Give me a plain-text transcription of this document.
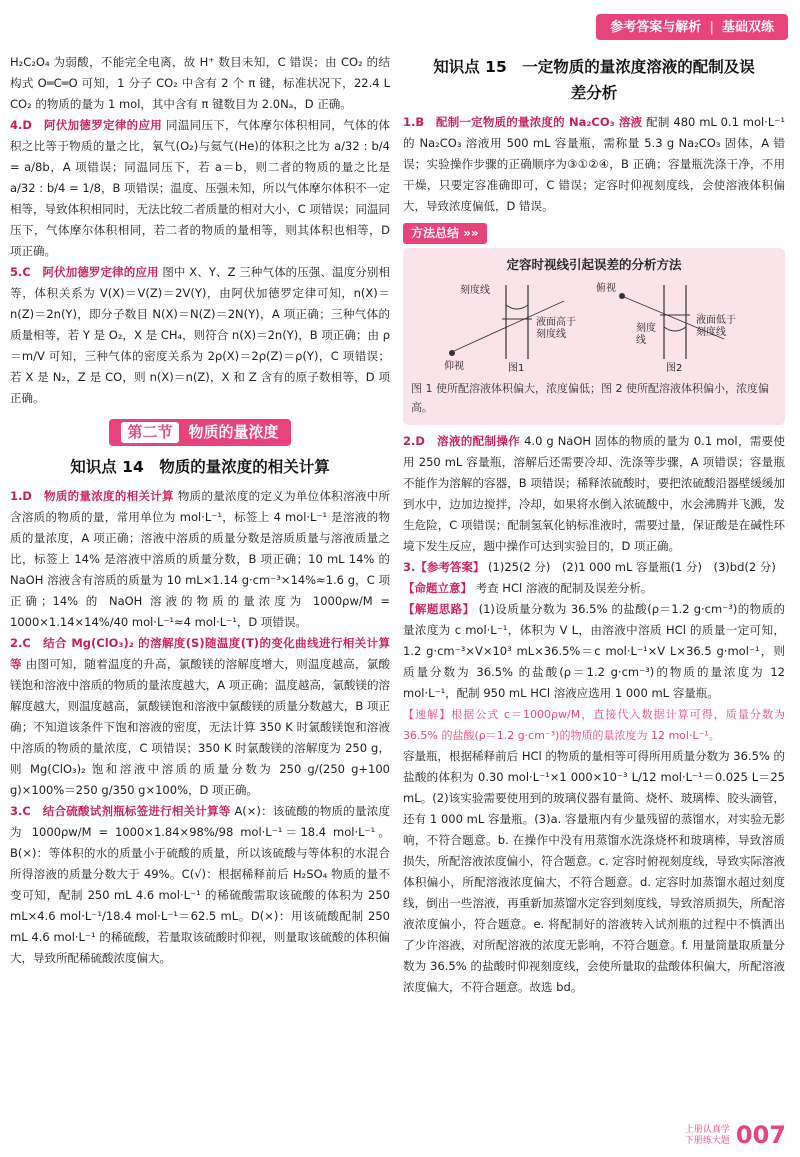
参考答案与解析 | 基础双练

H₂C₂O₄ 为弱酸，不能完全电离，故 H⁺ 数目未知，C 错误；由 CO₂ 的结构式 O═C═O 可知，1 分子 CO₂ 中含有 2 个 π 键，标准状况下，22.4 L CO₂ 的物质的量为 1 mol，其中含有 π 键数目为 2.0Nₐ，D 正确。

4.D　阿伏加德罗定律的应用 同温同压下，气体摩尔体积相同，气体的体积之比等于物质的量之比，氧气(O₂)与氦气(He)的体积之比为 a/32 : b/4 = a/8b，A 项错误；同温同压下，若 a＝b，则二者的物质的量之比是 a/32 : b/4 = 1/8，B 项错误；温度、压强未知，所以气体摩尔体积不一定相等，导致体积相同时，无法比较二者质量的相对大小，C 项错误；同温同压下，气体摩尔体积相同，若二者的物质的量相等，则其体积也相等，D 项正确。

5.C　阿伏加德罗定律的应用 图中 X、Y、Z 三种气体的压强、温度分别相等，体积关系为 V(X)＝V(Z)＝2V(Y)，由阿伏加德罗定律可知，n(X)＝n(Z)＝2n(Y)，即分子数目 N(X)＝N(Z)＝2N(Y)，A 项正确；三种气体的质量相等，若 Y 是 O₂，X 是 CH₄，则符合 n(X)＝2n(Y)，B 项正确；由 ρ＝m/V 可知，三种气体的密度关系为 2ρ(X)＝2ρ(Z)＝ρ(Y)，C 项错误；若 X 是 N₂，Z 是 CO，则 n(X)＝n(Z)，X 和 Z 含有的原子数相等，D 项正确。

第二节	物质的量浓度
知识点 14　物质的量浓度的相关计算

1.D　物质的量浓度的相关计算 物质的量浓度的定义为单位体积溶液中所含溶质的物质的量，常用单位为 mol·L⁻¹，标签上 4 mol·L⁻¹ 是溶液的物质的量浓度，A 项正确；溶液中溶质的质量分数是溶质质量与溶液质量之比，标签上 14% 是溶液中溶质的质量分数，B 项正确；10 mL 14% 的 NaOH 溶液含有溶质的质量为 10 mL×1.14 g·cm⁻³×14%≈1.6 g，C 项正确；14% 的 NaOH 溶液的物质的量浓度为 1000ρw/M = 1000×1.14×14%/40 mol·L⁻¹≈4 mol·L⁻¹，D 项错误。

2.C　结合 Mg(ClO₃)₂ 的溶解度(S)随温度(T)的变化曲线进行相关计算等 由图可知，随着温度的升高，氯酸镁的溶解度增大，则温度越高，氯酸镁饱和溶液中溶质的物质的量浓度越大，A 项正确；温度越高，氯酸镁的溶解度越大，则温度越高，氯酸镁饱和溶液中氯酸镁的质量分数越大，B 项正确；不知道该条件下饱和溶液的密度，无法计算 350 K 时氯酸镁饱和溶液中溶质的物质的量浓度，C 项错误；350 K 时氯酸镁的溶解度为 250 g，则 Mg(ClO₃)₂ 饱和溶液中溶质的质量分数为 250 g/(250 g+100 g)×100%＝250 g/350 g×100%，D 项正确。

3.C　结合硫酸试剂瓶标签进行相关计算等 A(×)：该硫酸的物质的量浓度为 1000ρw/M = 1000×1.84×98%/98 mol·L⁻¹＝18.4 mol·L⁻¹。B(×)：等体积的水的质量小于硫酸的质量，所以该硫酸与等体积的水混合所得溶液的质量分数大于 49%。C(√)：根据稀释前后 H₂SO₄ 物质的量不变可知，配制 250 mL 4.6 mol·L⁻¹ 的稀硫酸需取该硫酸的体积为 250 mL×4.6 mol·L⁻¹/18.4 mol·L⁻¹＝62.5 mL。D(×)：用该硫酸配制 250 mL 4.6 mol·L⁻¹ 的稀硫酸，若量取该硫酸时仰视，则量取该硫酸的体积偏大，导致所配稀硫酸浓度偏大。

知识点 15　一定物质的量浓度溶液的配制及误
差分析

1.B　配制一定物质的量浓度的 Na₂CO₃ 溶液 配制 480 mL 0.1 mol·L⁻¹ 的 Na₂CO₃ 溶液用 500 mL 容量瓶，需称量 5.3 g Na₂CO₃ 固体，A 错误；实验操作步骤的正确顺序为③①②④，B 正确；容量瓶洗涤干净，不用干燥，只要定容准确即可，C 错误；定容时仰视刻度线，会使溶液体积偏大，导致浓度偏低，D 错误。

方法总结 »»
定容时视线引起误差的分析方法
刻度线
液面高于
刻度线
仰视	图1
俯视
刻度
线
液面低于
刻度线
图2
图 1 使所配溶液体积偏大，浓度偏低；图 2 使所配溶液体积偏小，浓度偏高。

2.D　溶液的配制操作 4.0 g NaOH 固体的物质的量为 0.1 mol，需要使用 250 mL 容量瓶，溶解后还需要冷却、洗涤等步骤，A 项错误；容量瓶不能作为溶解的容器，B 项错误；稀释浓硫酸时，要把浓硫酸沿器壁缓缓加到水中，边加边搅拌，冷却，如果将水倒入浓硫酸中，水会沸腾并飞溅，发生危险，C 项错误；配制氢氧化钠标准液时，需要过量，保证酸是在碱性环境下发生反应，题中操作可达到实验目的，D 项正确。

3.【参考答案】 (1)25(2 分)　(2)1 000 mL 容量瓶(1 分)　(3)bd(2 分)

【命题立意】 考查 HCl 溶液的配制及误差分析。

【解题思路】 (1)设质量分数为 36.5% 的盐酸(ρ＝1.2 g·cm⁻³)的物质的量浓度为 c mol·L⁻¹，体积为 V L，由溶液中溶质 HCl 的质量一定可知，1.2 g·cm⁻³×V×10³ mL×36.5%＝c mol·L⁻¹×V L×36.5 g·mol⁻¹，则质量分数为 36.5% 的盐酸(ρ＝1.2 g·cm⁻³)的物质的量浓度为 12 mol·L⁻¹，配制 950 mL HCl 溶液应选用 1 000 mL 容量瓶。

【速解】根据公式 c＝1000ρw/M，直接代入数据计算可得，质量分数为 36.5% 的盐酸(ρ＝1.2 g·cm⁻³)的物质的量浓度为 12 mol·L⁻¹。

容量瓶，根据稀释前后 HCl 的物质的量相等可得所用质量分数为 36.5% 的盐酸的体积为 0.30 mol·L⁻¹×1 000×10⁻³ L/12 mol·L⁻¹＝0.025 L＝25 mL。(2)该实验需要使用到的玻璃仪器有量筒、烧杯、玻璃棒、胶头滴管，还有 1 000 mL 容量瓶。(3)a. 容量瓶内有少量残留的蒸馏水，对实验无影响，不符合题意。b. 在操作中没有用蒸馏水洗涤烧杯和玻璃棒，导致溶质损失，所配溶液浓度偏小，符合题意。c. 定容时俯视刻度线，导致实际溶液体积偏小，所配溶液浓度偏大，不符合题意。d. 定容时加蒸馏水超过刻度线，倒出一些溶液，再重新加蒸馏水定容到刻度线，导致溶质损失，所配溶液浓度偏小，符合题意。e. 将配制好的溶液转入试剂瓶的过程中不慎洒出了少许溶液，对所配溶液的浓度无影响，不符合题意。f. 用量筒量取质量分数为 36.5% 的盐酸时仰视刻度线，会使所量取的盐酸体积偏大，所配溶液浓度偏大，不符合题意。故选 bd。

上册认真学
下册练大题 007
